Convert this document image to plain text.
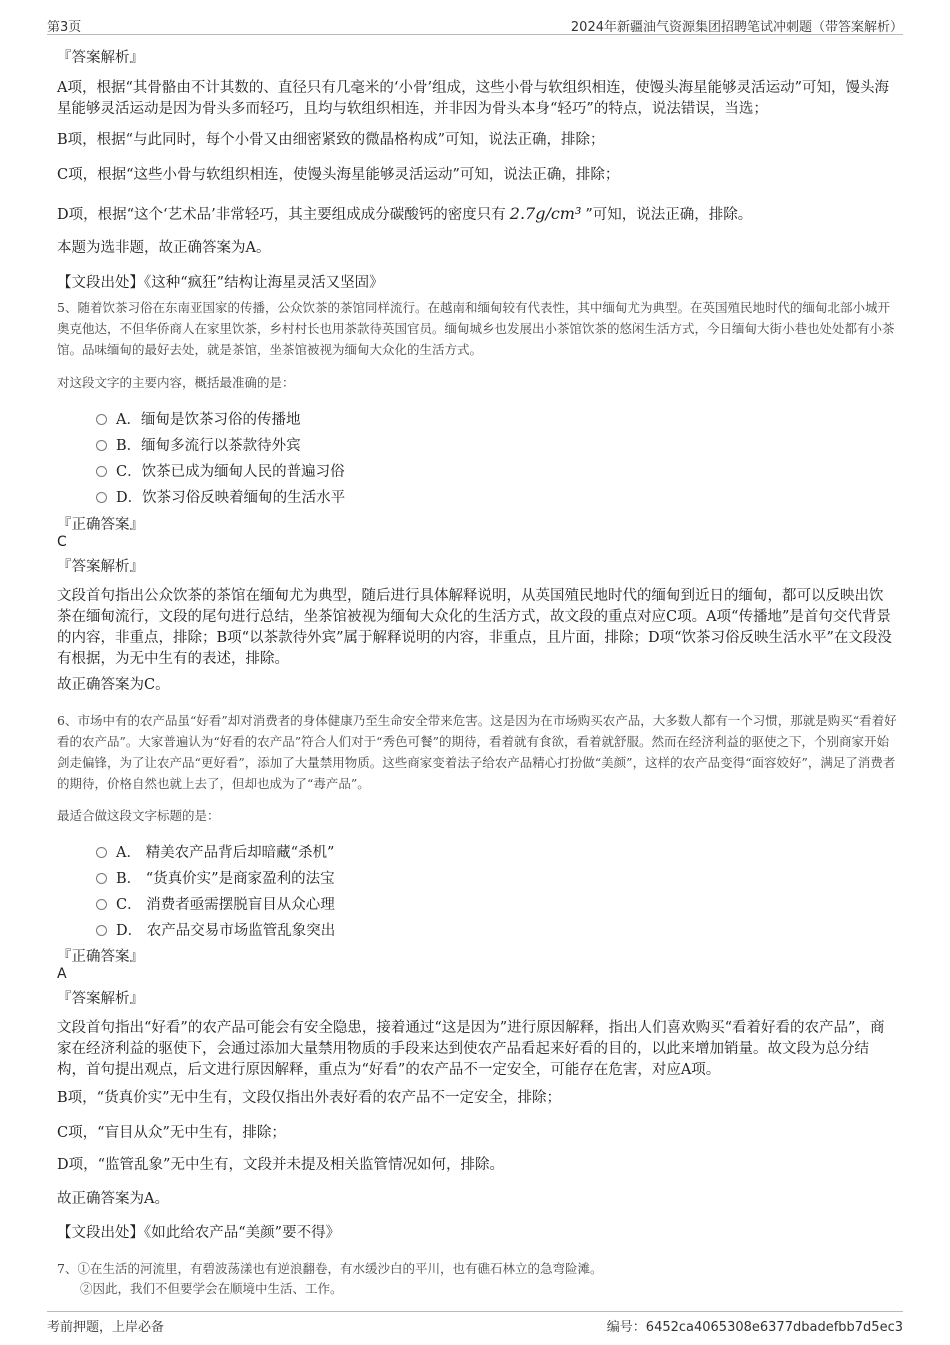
第3页	2024年新疆油气资源集团招聘笔试冲刺题（带答案解析）
『答案解析』

A项，根据“其骨骼由不计其数的、直径只有几毫米的‘小骨’组成，这些小骨与软组织相连，使馒头海星能够灵活运动”可知，馒头海星能够灵活运动是因为骨头多而轻巧，且均与软组织相连，并非因为骨头本身“轻巧”的特点，说法错误，当选；

B项，根据“与此同时，每个小骨又由细密紧致的微晶格构成”可知，说法正确，排除；

C项，根据“这些小骨与软组织相连，使馒头海星能够灵活运动”可知，说法正确，排除；

D项，根据“这个‘艺术品’非常轻巧，其主要组成成分碳酸钙的密度只有 2.7g/cm³ ”可知，说法正确，排除。

本题为选非题，故正确答案为A。

【文段出处】《这种“疯狂”结构让海星灵活又坚固》

5、随着饮茶习俗在东南亚国家的传播，公众饮茶的茶馆同样流行。在越南和缅甸较有代表性，其中缅甸尤为典型。在英国殖民地时代的缅甸北部小城开奥克他达，不但华侨商人在家里饮茶，乡村村长也用茶款待英国官员。缅甸城乡也发展出小茶馆饮茶的悠闲生活方式，今日缅甸大街小巷也处处都有小茶馆。品味缅甸的最好去处，就是茶馆，坐茶馆被视为缅甸大众化的生活方式。

对这段文字的主要内容，概括最准确的是：

A．缅甸是饮茶习俗的传播地
B．缅甸多流行以茶款待外宾
C．饮茶已成为缅甸人民的普遍习俗
D．饮茶习俗反映着缅甸的生活水平
『正确答案』
C
『答案解析』

文段首句指出公众饮茶的茶馆在缅甸尤为典型，随后进行具体解释说明，从英国殖民地时代的缅甸到近日的缅甸，都可以反映出饮茶在缅甸流行，文段的尾句进行总结，坐茶馆被视为缅甸大众化的生活方式，故文段的重点对应C项。A项“传播地”是首句交代背景的内容，非重点，排除；B项“以茶款待外宾”属于解释说明的内容，非重点，且片面，排除；D项“饮茶习俗反映生活水平”在文段没有根据，为无中生有的表述，排除。

故正确答案为C。

6、市场中有的农产品虽“好看”却对消费者的身体健康乃至生命安全带来危害。这是因为在市场购买农产品，大多数人都有一个习惯，那就是购买“看着好看的农产品”。大家普遍认为“好看的农产品”符合人们对于“秀色可餐”的期待，看着就有食欲，看着就舒服。然而在经济利益的驱使之下，个别商家开始剑走偏锋，为了让农产品“更好看”，添加了大量禁用物质。这些商家变着法子给农产品精心打扮做“美颜”，这样的农产品变得“面容姣好”，满足了消费者的期待，价格自然也就上去了，但却也成为了“毒产品”。

最适合做这段文字标题的是：

A． 精美农产品背后却暗藏“杀机”
B． “货真价实”是商家盈利的法宝
C． 消费者亟需摆脱盲目从众心理
D． 农产品交易市场监管乱象突出
『正确答案』
A
『答案解析』

文段首句指出“好看”的农产品可能会有安全隐患，接着通过“这是因为”进行原因解释，指出人们喜欢购买“看着好看的农产品”，商家在经济利益的驱使下，会通过添加大量禁用物质的手段来达到使农产品看起来好看的目的，以此来增加销量。故文段为总分结构，首句提出观点，后文进行原因解释，重点为“好看”的农产品不一定安全，可能存在危害，对应A项。

B项，“货真价实”无中生有，文段仅指出外表好看的农产品不一定安全，排除；

C项，“盲目从众”无中生有，排除；

D项，“监管乱象”无中生有，文段并未提及相关监管情况如何，排除。

故正确答案为A。

【文段出处】《如此给农产品“美颜”要不得》

7、①在生活的河流里，有碧波荡漾也有逆浪翻卷，有水缓沙白的平川，也有礁石林立的急弯险滩。

②因此，我们不但要学会在顺境中生活、工作。

考前押题，上岸必备	编号：6452ca4065308e6377dbadefbb7d5ec3
